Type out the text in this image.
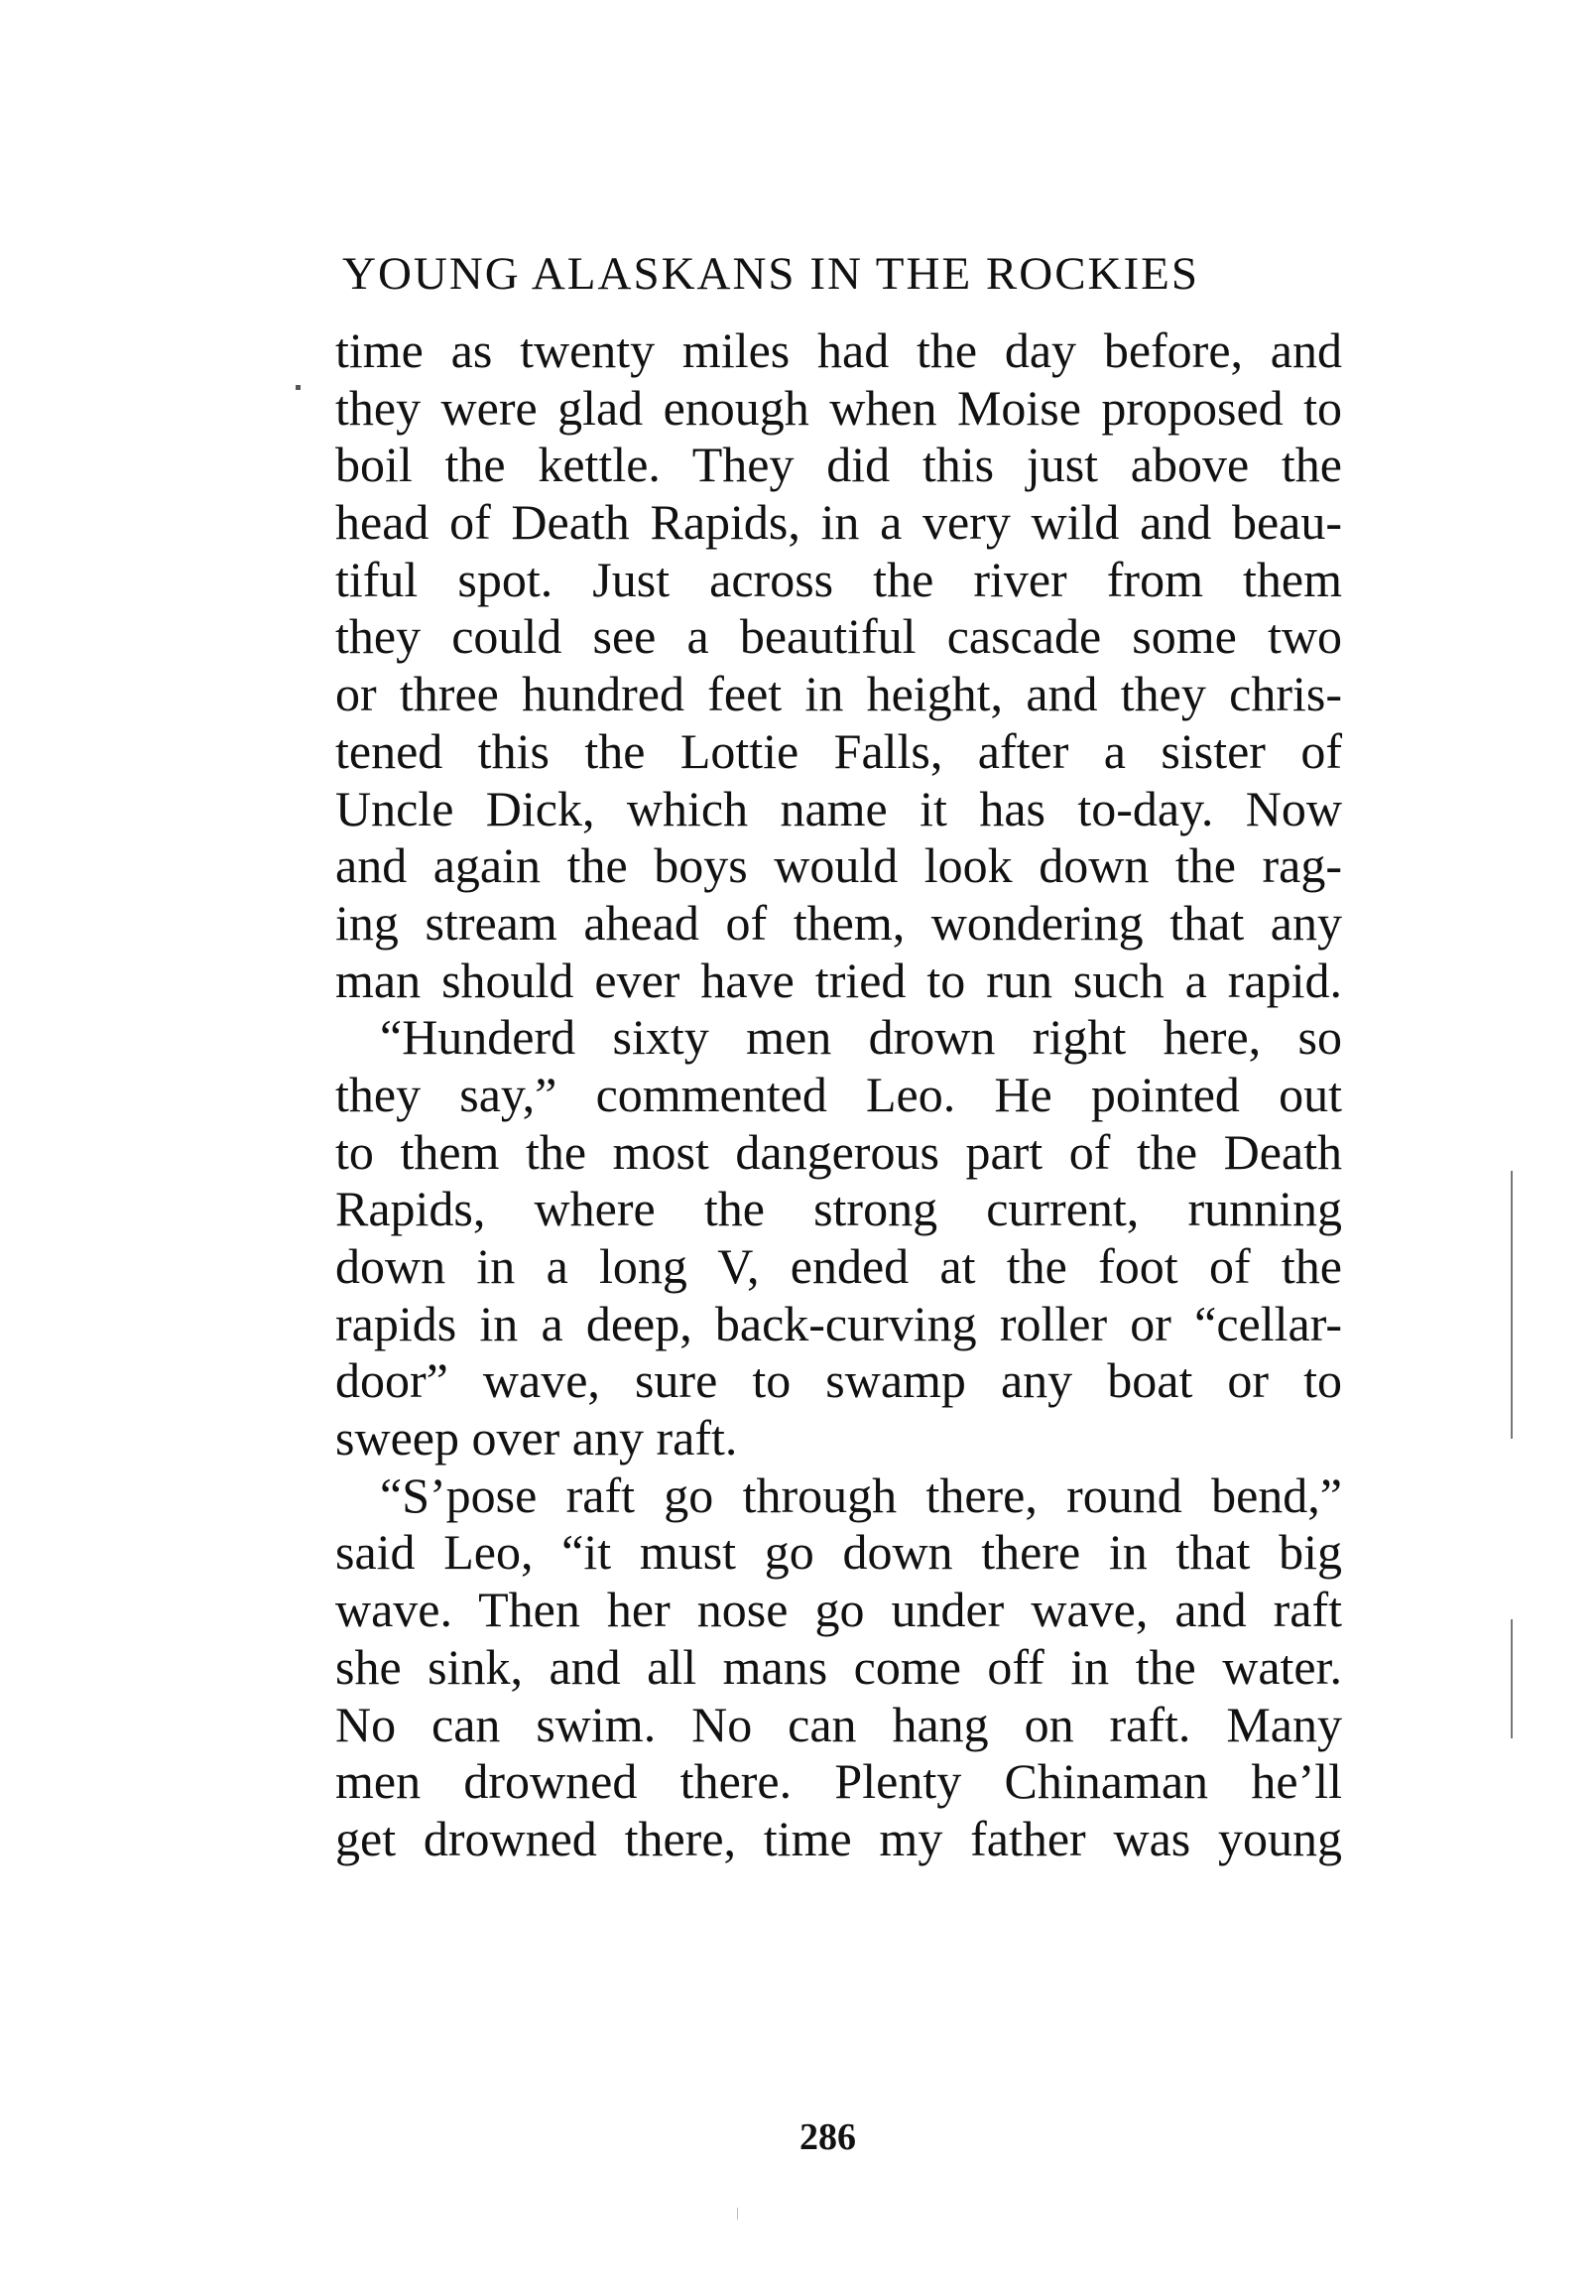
YOUNG ALASKANS IN THE ROCKIES
time as twenty miles had the day before, and
they were glad enough when Moise proposed to
boil the kettle. They did this just above the
head of Death Rapids, in a very wild and beau-
tiful spot. Just across the river from them
they could see a beautiful cascade some two
or three hundred feet in height, and they chris-
tened this the Lottie Falls, after a sister of
Uncle Dick, which name it has to-day. Now
and again the boys would look down the rag-
ing stream ahead of them, wondering that any
man should ever have tried to run such a rapid.
“Hunderd sixty men drown right here, so
they say,” commented Leo. He pointed out
to them the most dangerous part of the Death
Rapids, where the strong current, running
down in a long V, ended at the foot of the
rapids in a deep, back-curving roller or “cellar-
door” wave, sure to swamp any boat or to
sweep over any raft.
“S’pose raft go through there, round bend,”
said Leo, “it must go down there in that big
wave. Then her nose go under wave, and raft
she sink, and all mans come off in the water.
No can swim. No can hang on raft. Many
men drowned there. Plenty Chinaman he’ll
get drowned there, time my father was young
286
